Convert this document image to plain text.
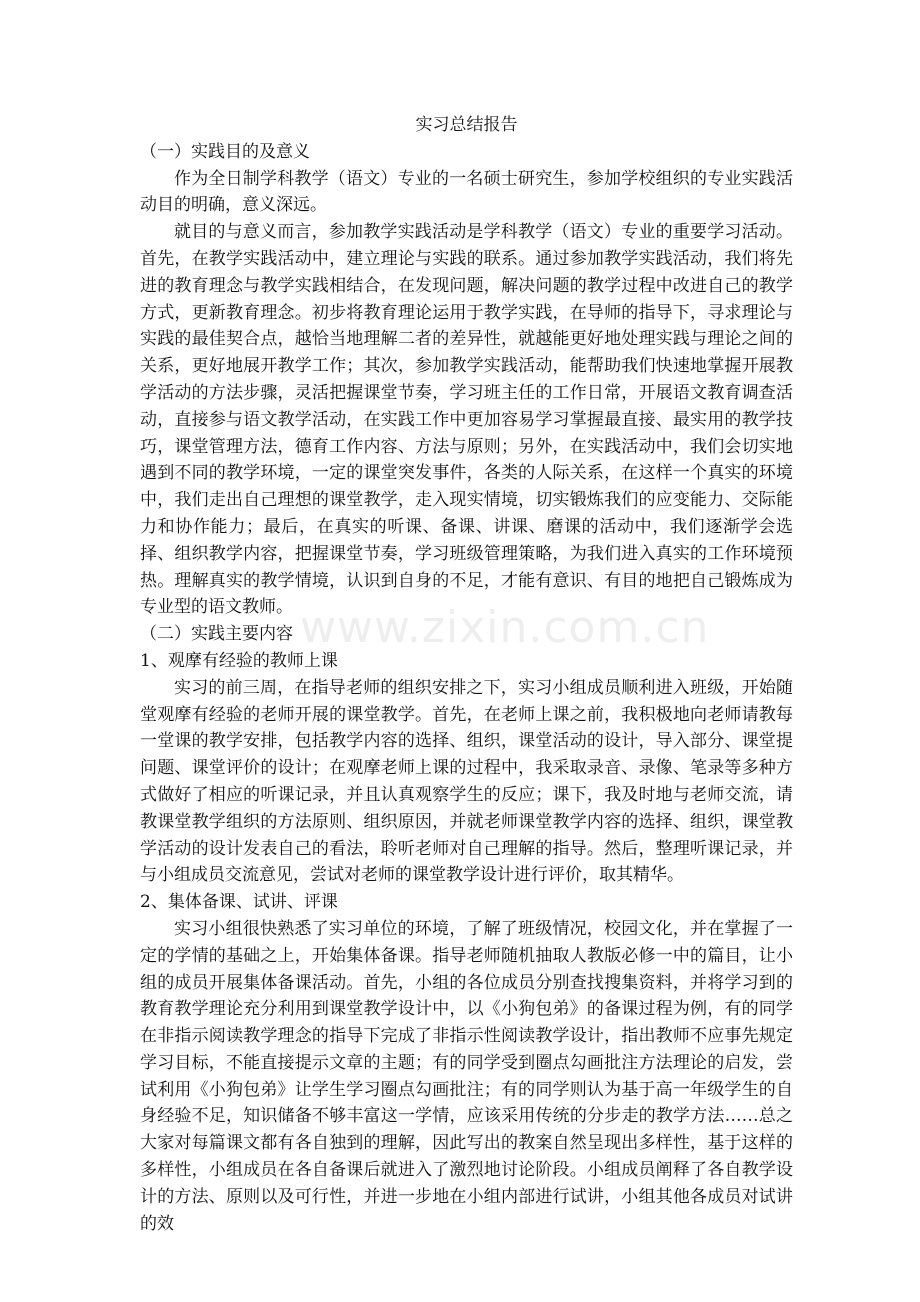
www.zixin.com.cn
实习总结报告

（一）实践目的及意义

作为全日制学科教学（语文）专业的一名硕士研究生，参加学校组织的专业实践活动目的明确，意义深远。

就目的与意义而言，参加教学实践活动是学科教学（语文）专业的重要学习活动。首先，在教学实践活动中，建立理论与实践的联系。通过参加教学实践活动，我们将先进的教育理念与教学实践相结合，在发现问题，解决问题的教学过程中改进自己的教学方式，更新教育理念。初步将教育理论运用于教学实践，在导师的指导下，寻求理论与实践的最佳契合点，越恰当地理解二者的差异性，就越能更好地处理实践与理论之间的关系，更好地展开教学工作；其次，参加教学实践活动，能帮助我们快速地掌握开展教学活动的方法步骤，灵活把握课堂节奏，学习班主任的工作日常，开展语文教育调查活动，直接参与语文教学活动，在实践工作中更加容易学习掌握最直接、最实用的教学技巧，课堂管理方法，德育工作内容、方法与原则；另外，在实践活动中，我们会切实地遇到不同的教学环境，一定的课堂突发事件，各类的人际关系，在这样一个真实的环境中，我们走出自己理想的课堂教学，走入现实情境，切实锻炼我们的应变能力、交际能力和协作能力；最后，在真实的听课、备课、讲课、磨课的活动中，我们逐渐学会选择、组织教学内容，把握课堂节奏，学习班级管理策略，为我们进入真实的工作环境预热。理解真实的教学情境，认识到自身的不足，才能有意识、有目的地把自己锻炼成为专业型的语文教师。

（二）实践主要内容

1、观摩有经验的教师上课

实习的前三周，在指导老师的组织安排之下，实习小组成员顺利进入班级，开始随堂观摩有经验的老师开展的课堂教学。首先，在老师上课之前，我积极地向老师请教每一堂课的教学安排，包括教学内容的选择、组织，课堂活动的设计，导入部分、课堂提问题、课堂评价的设计；在观摩老师上课的过程中，我采取录音、录像、笔录等多种方式做好了相应的听课记录，并且认真观察学生的反应；课下，我及时地与老师交流，请教课堂教学组织的方法原则、组织原因，并就老师课堂教学内容的选择、组织，课堂教学活动的设计发表自己的看法，聆听老师对自己理解的指导。然后，整理听课记录，并与小组成员交流意见，尝试对老师的课堂教学设计进行评价，取其精华。

2、集体备课、试讲、评课

实习小组很快熟悉了实习单位的环境，了解了班级情况，校园文化，并在掌握了一定的学情的基础之上，开始集体备课。指导老师随机抽取人教版必修一中的篇目，让小组的成员开展集体备课活动。首先，小组的各位成员分别查找搜集资料，并将学习到的教育教学理论充分利用到课堂教学设计中，以《小狗包弟》的备课过程为例，有的同学在非指示阅读教学理念的指导下完成了非指示性阅读教学设计，指出教师不应事先规定学习目标，不能直接提示文章的主题；有的同学受到圈点勾画批注方法理论的启发，尝试利用《小狗包弟》让学生学习圈点勾画批注；有的同学则认为基于高一年级学生的自身经验不足，知识储备不够丰富这一学情，应该采用传统的分步走的教学方法……总之大家对每篇课文都有各自独到的理解，因此写出的教案自然呈现出多样性，基于这样的多样性，小组成员在各自备课后就进入了激烈地讨论阶段。小组成员阐释了各自教学设计的方法、原则以及可行性，并进一步地在小组内部进行试讲，小组其他各成员对试讲的效
